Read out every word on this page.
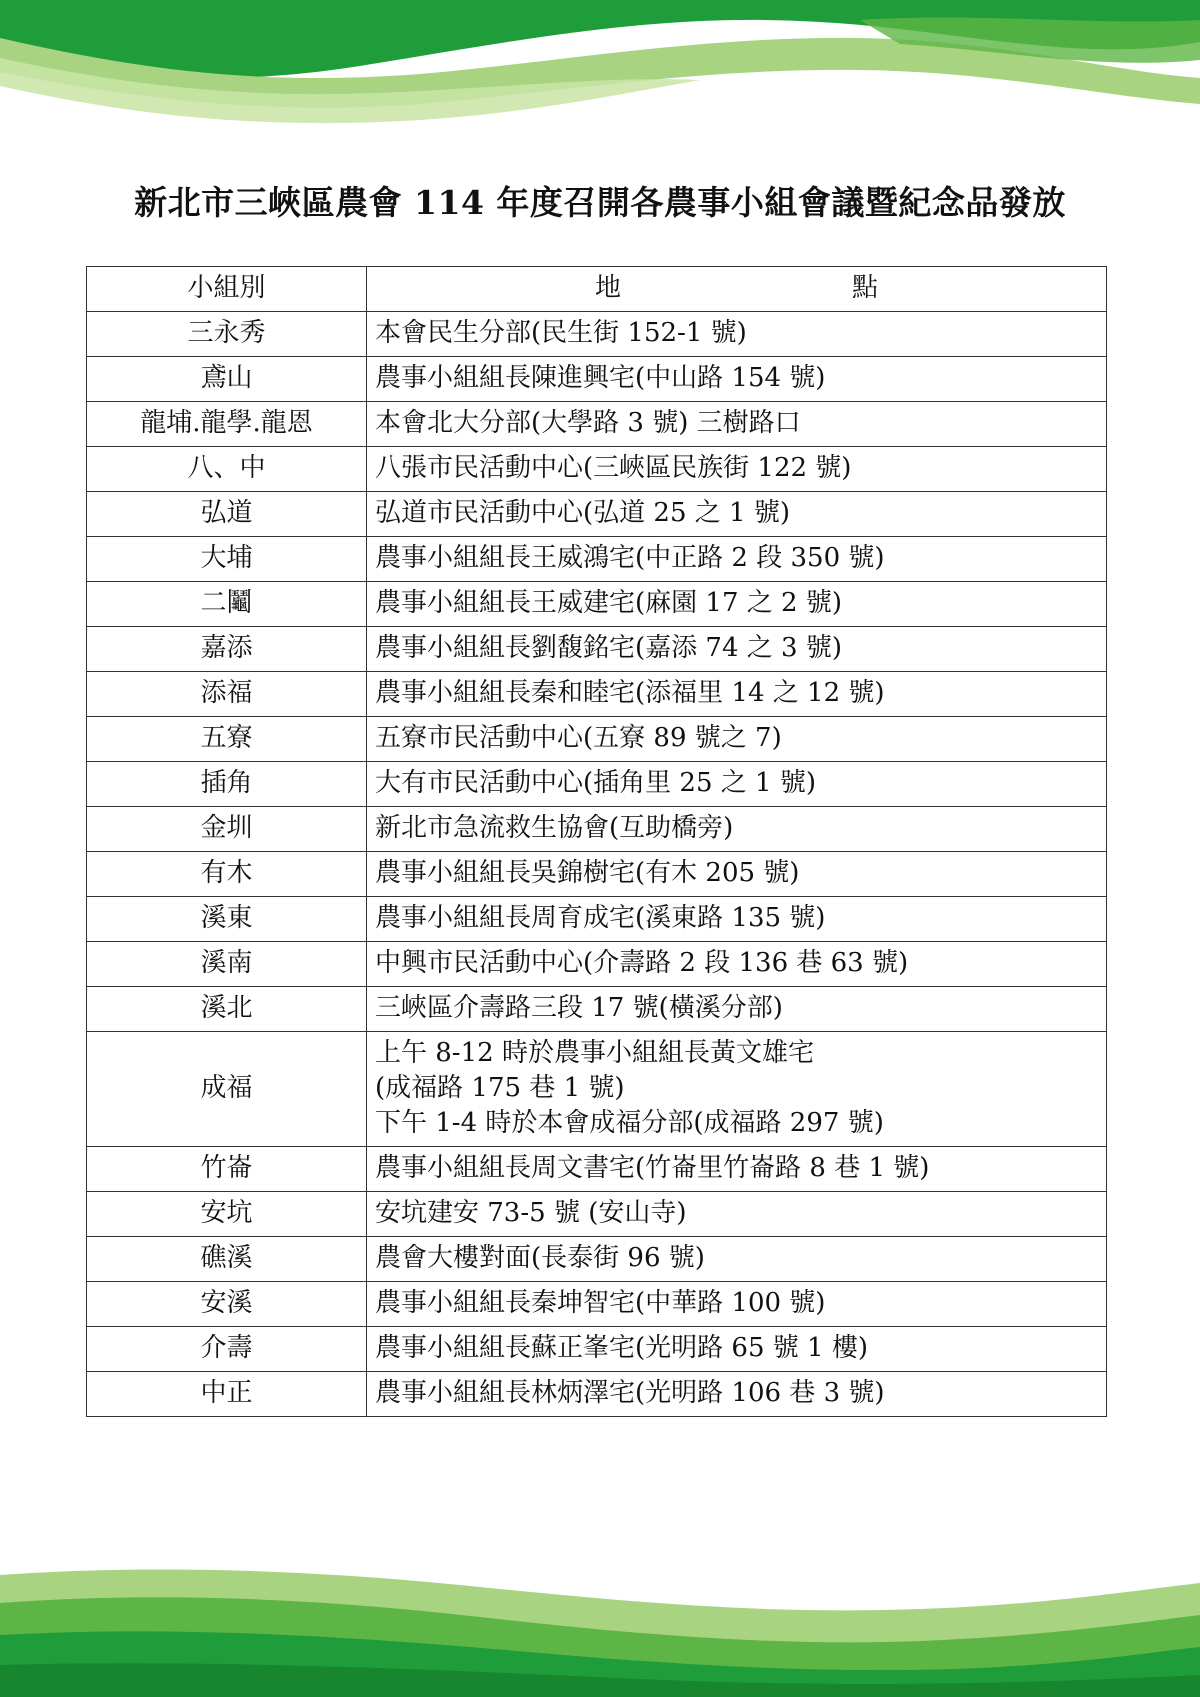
新北市三峽區農會 114 年度召開各農事小組會議暨紀念品發放
小組別	地 點

三永秀	本會民生分部(民生街 152-1 號)

鳶山	農事小組組長陳進興宅(中山路 154 號)

龍埔.龍學.龍恩	本會北大分部(大學路 3 號) 三樹路口

八、中	八張市民活動中心(三峽區民族街 122 號)

弘道	弘道市民活動中心(弘道 25 之 1 號)

大埔	農事小組組長王威鴻宅(中正路 2 段 350 號)

二鬮	農事小組組長王威建宅(麻園 17 之 2 號)

嘉添	農事小組組長劉馥銘宅(嘉添 74 之 3 號)

添福	農事小組組長秦和睦宅(添福里 14 之 12 號)

五寮	五寮市民活動中心(五寮 89 號之 7)

插角	大有市民活動中心(插角里 25 之 1 號)

金圳	新北市急流救生協會(互助橋旁)

有木	農事小組組長吳錦樹宅(有木 205 號)

溪東	農事小組組長周育成宅(溪東路 135 號)

溪南	中興市民活動中心(介壽路 2 段 136 巷 63 號)

溪北	三峽區介壽路三段 17 號(橫溪分部)

成福	上午 8-12 時於農事小組組長黃文雄宅
(成福路 175 巷 1 號)
下午 1-4 時於本會成福分部(成福路 297 號)

竹崙	農事小組組長周文書宅(竹崙里竹崙路 8 巷 1 號)

安坑	安坑建安 73-5 號 (安山寺)

礁溪	農會大樓對面(長泰街 96 號)

安溪	農事小組組長秦坤智宅(中華路 100 號)

介壽	農事小組組長蘇正峯宅(光明路 65 號 1 樓)

中正	農事小組組長林炳澤宅(光明路 106 巷 3 號)
